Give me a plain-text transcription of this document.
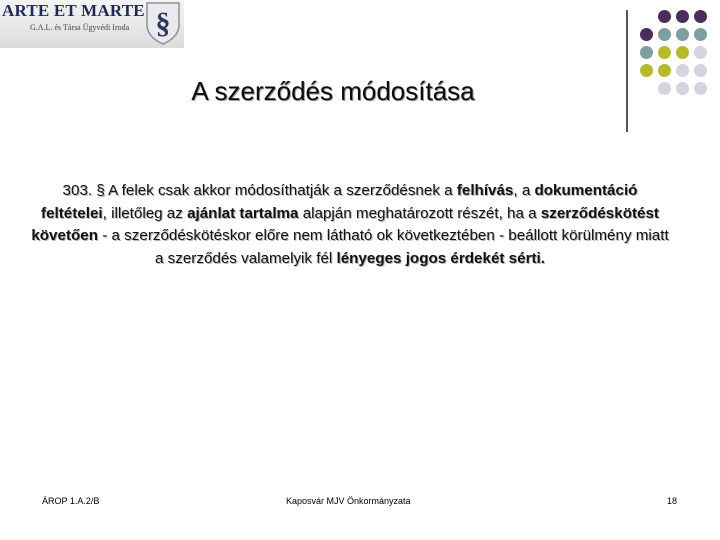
ARTE ET MARTE
G.A.L. és Társa Ügyvédi Iroda §
A szerződés módosítása
303. § A felek csak akkor módosíthatják a szerződésnek a felhívás, a dokumentáció feltételei, illetőleg az ajánlat tartalma alapján meghatározott részét, ha a szerződéskötést követően - a szerződéskötéskor előre nem látható ok következtében - beállott körülmény miatt a szerződés valamelyik fél lényeges jogos érdekét sérti.
ÁROP 1.A.2/B	Kaposvár MJV Önkormányzata	18
